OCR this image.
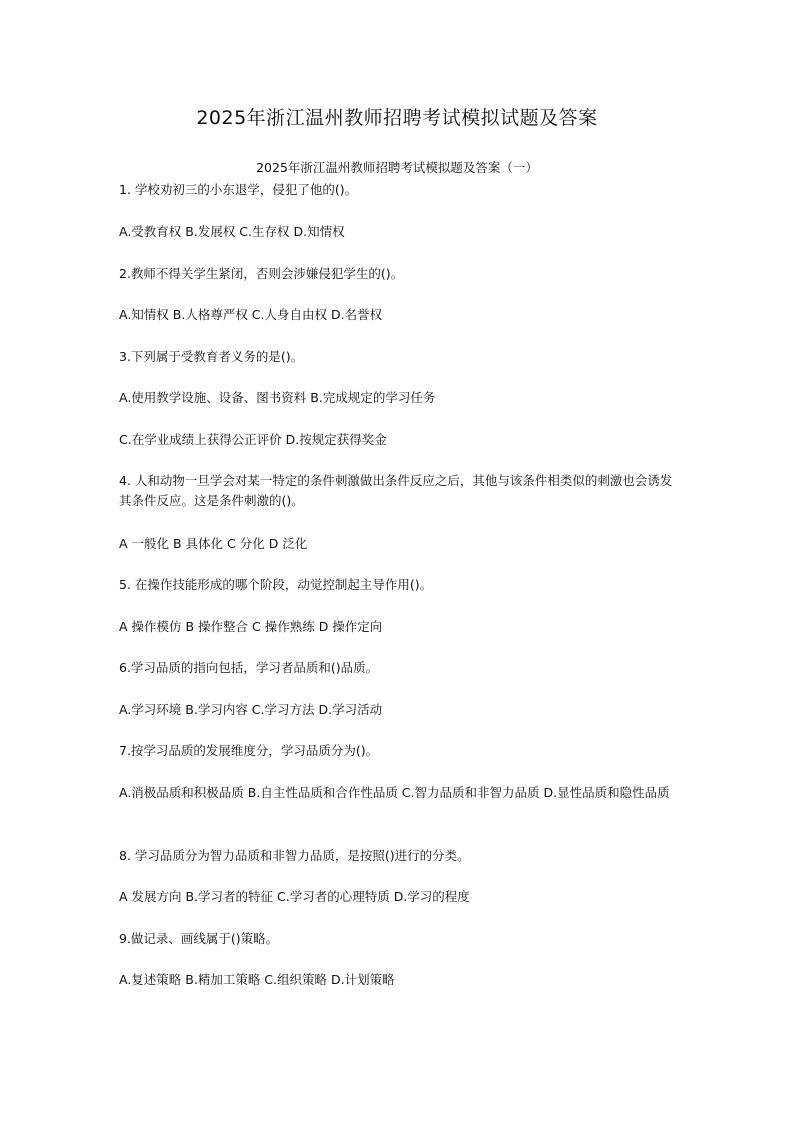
2025年浙江温州教师招聘考试模拟试题及答案

2025年浙江温州教师招聘考试模拟题及答案（一）

1. 学校劝初三的小东退学，侵犯了他的()。

A.受教育权 B.发展权 C.生存权 D.知情权

2.教师不得关学生紧闭，否则会涉嫌侵犯学生的()。

A.知情权 B.人格尊严权 C.人身自由权 D.名誉权

3.下列属于受教育者义务的是()。

A.使用教学设施、设备、图书资料 B.完成规定的学习任务

C.在学业成绩上获得公正评价 D.按规定获得奖金

4. 人和动物一旦学会对某一特定的条件刺激做出条件反应之后，其他与该条件相类似的刺激也会诱发其条件反应。这是条件刺激的()。

A 一般化 B 具体化 C 分化 D 泛化

5. 在操作技能形成的哪个阶段，动觉控制起主导作用()。

A 操作模仿 B 操作整合 C 操作熟练 D 操作定向

6.学习品质的指向包括，学习者品质和()品质。

A.学习环境 B.学习内容 C.学习方法 D.学习活动

7.按学习品质的发展维度分，学习品质分为()。

A.消极品质和积极品质 B.自主性品质和合作性品质 C.智力品质和非智力品质 D.显性品质和隐性品质

8. 学习品质分为智力品质和非智力品质，是按照()进行的分类。

A 发展方向 B.学习者的特征 C.学习者的心理特质 D.学习的程度

9.做记录、画线属于()策略。

A.复述策略 B.精加工策略 C.组织策略 D.计划策略
